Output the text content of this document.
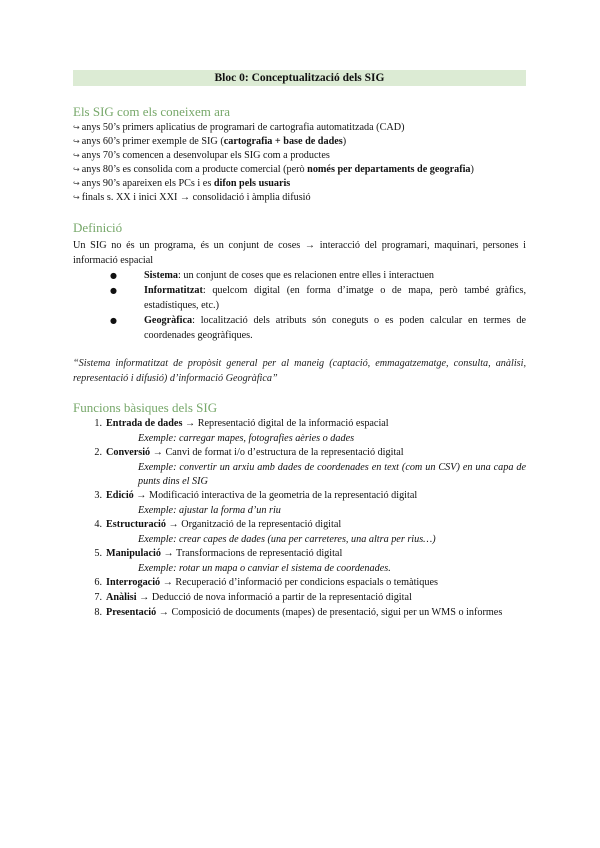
Bloc 0: Conceptualització dels SIG
Els SIG com els coneixem ara
↪ anys 50’s primers aplicatius de programari de cartografia automatitzada (CAD)
↪ anys 60’s primer exemple de SIG (cartografia + base de dades)
↪ anys 70’s comencen a desenvolupar els SIG com a productes
↪ anys 80’s es consolida com a producte comercial (però només per departaments de geografia)
↪ anys 90’s apareixen els PCs i es difon pels usuaris
↪ finals s. XX i inici XXI → consolidació i àmplia difusió
Definició
Un SIG no és un programa, és un conjunt de coses → interacció del programari, maquinari, persones i informació espacial
●	Sistema: un conjunt de coses que es relacionen entre elles i interactuen
●	Informatitzat: quelcom digital (en forma d’imatge o de mapa, però també gràfics, estadístiques, etc.)
●	Geogràfica: localització dels atributs són coneguts o es poden calcular en termes de coordenades geogràfiques.
“Sistema informatitzat de propòsit general per al maneig (captació, emmagatzematge, consulta, anàlisi, representació i difusió) d’informació Geogràfica”
Funcions bàsiques dels SIG
1. Entrada de dades → Representació digital de la informació espacial
Exemple: carregar mapes, fotografies aèries o dades
2. Conversió → Canvi de format i/o d’estructura de la representació digital
Exemple: convertir un arxiu amb dades de coordenades en text (com un CSV) en una capa de punts dins el SIG
3. Edició → Modificació interactiva de la geometria de la representació digital
Exemple: ajustar la forma d’un riu
4. Estructuració → Organització de la representació digital
Exemple: crear capes de dades (una per carreteres, una altra per rius…)
5. Manipulació → Transformacions de representació digital
Exemple: rotar un mapa o canviar el sistema de coordenades.
6. Interrogació → Recuperació d’informació per condicions espacials o temàtiques
7. Anàlisi → Deducció de nova informació a partir de la representació digital
8. Presentació → Composició de documents (mapes) de presentació, sigui per un WMS o informes
